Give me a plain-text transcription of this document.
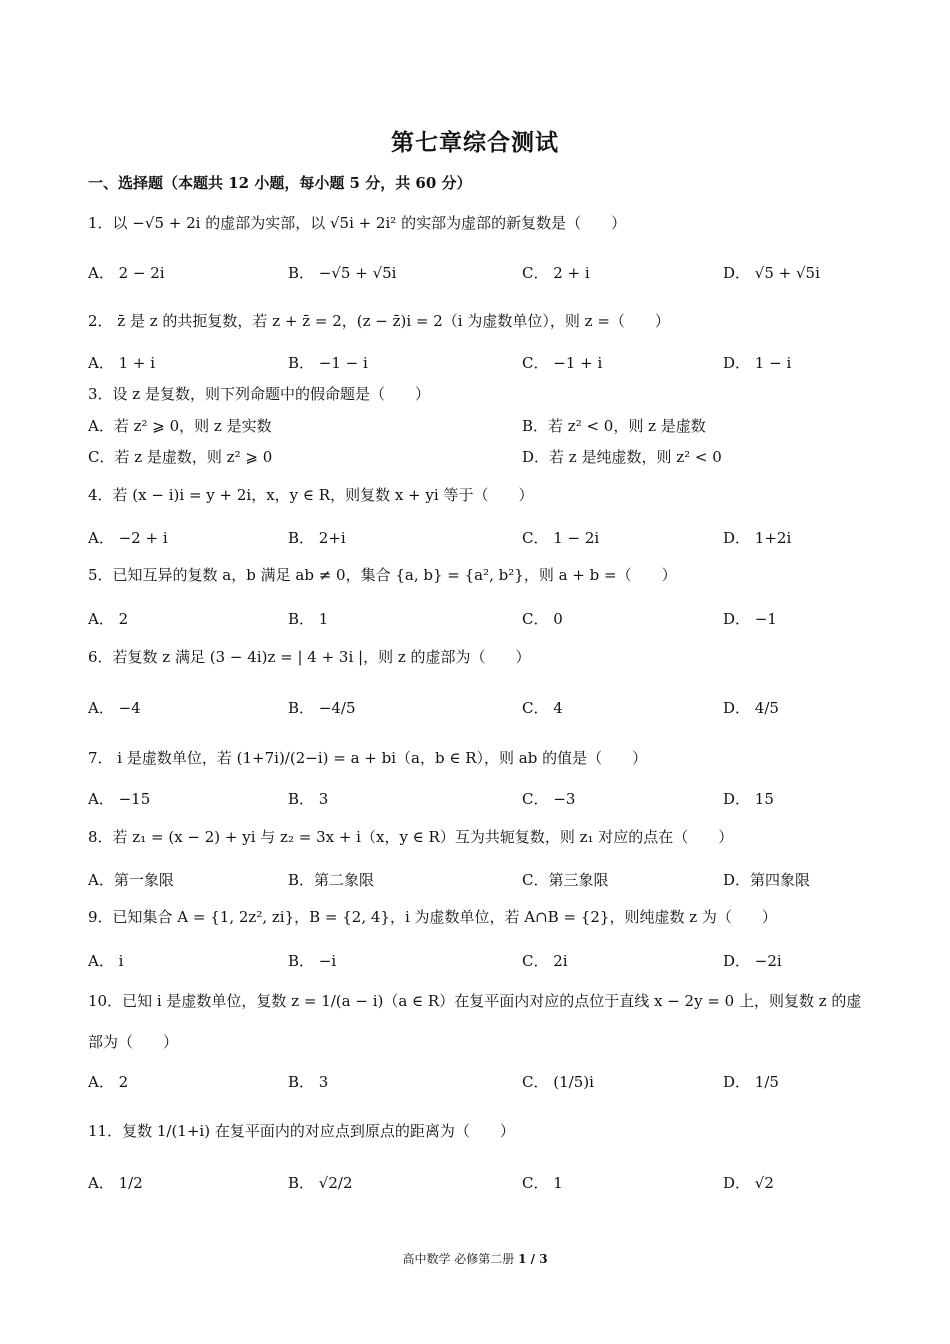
第七章综合测试
一、选择题（本题共 12 小题，每小题 5 分，共 60 分）
1．以 −√5 + 2i 的虚部为实部，以 √5i + 2i² 的实部为虚部的新复数是（　　）
A． 2 − 2i	B． −√5 + √5i	C． 2 + i	D． √5 + √5i
2． z̄ 是 z 的共扼复数，若 z + z̄ = 2，(z − z̄)i = 2（i 为虚数单位），则 z =（　　）
A． 1 + i	B． −1 − i	C． −1 + i	D． 1 − i
3．设 z 是复数，则下列命题中的假命题是（　　）
A．若 z² ⩾ 0，则 z 是实数	B．若 z² < 0，则 z 是虚数
C．若 z 是虚数，则 z² ⩾ 0	D．若 z 是纯虚数，则 z² < 0
4．若 (x − i)i = y + 2i，x，y ∈ R，则复数 x + yi 等于（　　）
A． −2 + i	B． 2+i	C． 1 − 2i	D． 1+2i
5．已知互异的复数 a，b 满足 ab ≠ 0，集合 {a, b} = {a², b²}，则 a + b =（　　）
A． 2	B． 1	C． 0	D． −1
6．若复数 z 满足 (3 − 4i)z = | 4 + 3i |，则 z 的虚部为（　　）
A． −4	B． −4/5	C． 4	D． 4/5
7． i 是虚数单位，若 (1+7i)/(2−i) = a + bi（a，b ∈ R），则 ab 的值是（　　）
A． −15	B． 3	C． −3	D． 15
8．若 z₁ = (x − 2) + yi 与 z₂ = 3x + i（x，y ∈ R）互为共轭复数，则 z₁ 对应的点在（　　）
A．第一象限	B．第二象限	C．第三象限	D．第四象限
9．已知集合 A = {1, 2z², zi}，B = {2, 4}，i 为虚数单位，若 A∩B = {2}，则纯虚数 z 为（　　）
A． i	B． −i	C． 2i	D． −2i
10．已知 i 是虚数单位，复数 z = 1/(a − i)（a ∈ R）在复平面内对应的点位于直线 x − 2y = 0 上，则复数 z 的虚
部为（　　）
A． 2	B． 3	C． (1/5)i	D． 1/5
11．复数 1/(1+i) 在复平面内的对应点到原点的距离为（　　）
A． 1/2	B． √2/2	C． 1	D． √2
高中数学 必修第二册 1 / 3
